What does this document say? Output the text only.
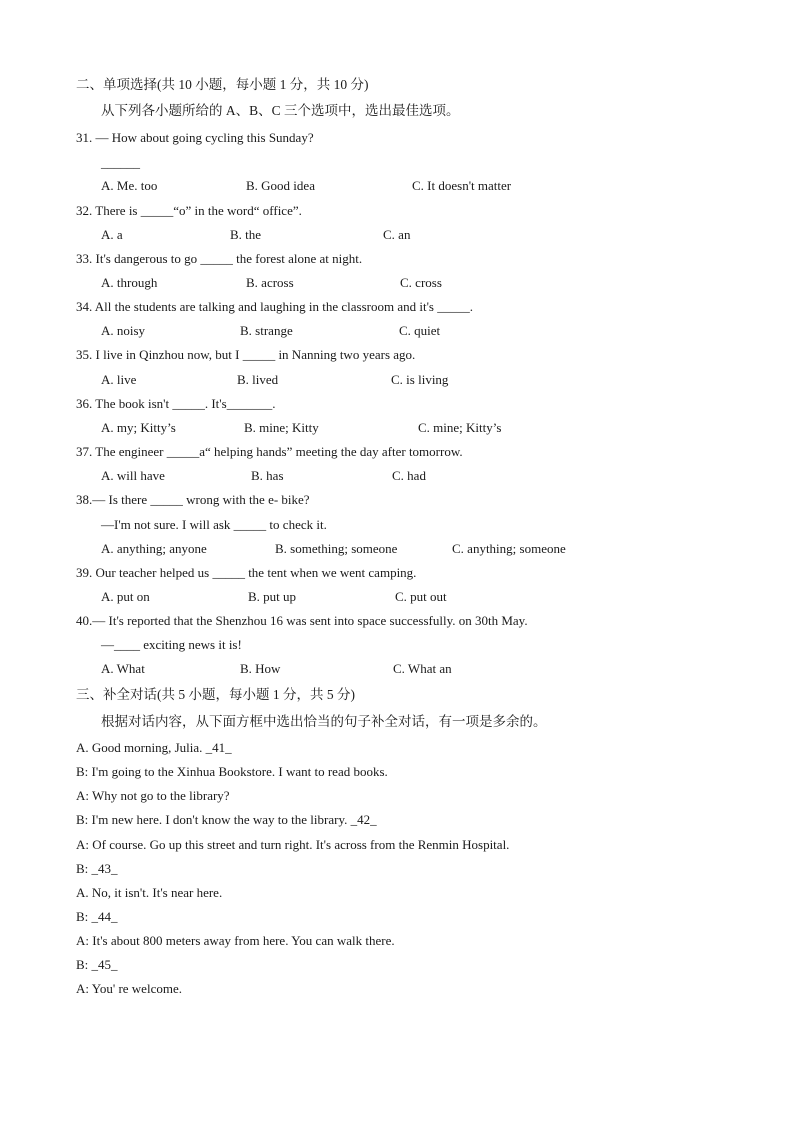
二、单项选择(共 10 小题，每小题 1 分，共 10 分)
从下列各小题所给的 A、B、C 三个选项中，选出最佳选项。
31. — How about going cycling this Sunday?
______
A. Me. too	B. Good idea	C. It doesn't matter
32. There is _____“o” in the word“ office”.
A. a	B. the	C. an
33. It's dangerous to go _____ the forest alone at night.
A. through	B. across	C. cross
34. All the students are talking and laughing in the classroom and it's _____.
A. noisy	B. strange	C. quiet
35. I live in Qinzhou now, but I _____ in Nanning two years ago.
A. live	B. lived	C. is living
36. The book isn't _____. It's_______.
A. my; Kitty’s	B. mine; Kitty	C. mine; Kitty’s
37. The engineer _____a“ helping hands” meeting the day after tomorrow.
A. will have	B. has	C. had
38.— Is there _____ wrong with the e- bike?
—I'm not sure. I will ask _____ to check it.
A. anything; anyone	B. something; someone	C. anything; someone
39. Our teacher helped us _____ the tent when we went camping.
A. put on	B. put up	C. put out
40.— It's reported that the Shenzhou 16 was sent into space successfully. on 30th May.
—____ exciting news it is!
A. What	B. How	C. What an
三、补全对话(共 5 小题，每小题 1 分，共 5 分)
根据对话内容，从下面方框中选出恰当的句子补全对话，有一项是多余的。
A. Good morning, Julia. _41_
B: I'm going to the Xinhua Bookstore. I want to read books.
A: Why not go to the library?
B: I'm new here. I don't know the way to the library. _42_
A: Of course. Go up this street and turn right. It's across from the Renmin Hospital.
B: _43_
A. No, it isn't. It's near here.
B: _44_
A: It's about 800 meters away from here. You can walk there.
B: _45_
A: You' re welcome.
